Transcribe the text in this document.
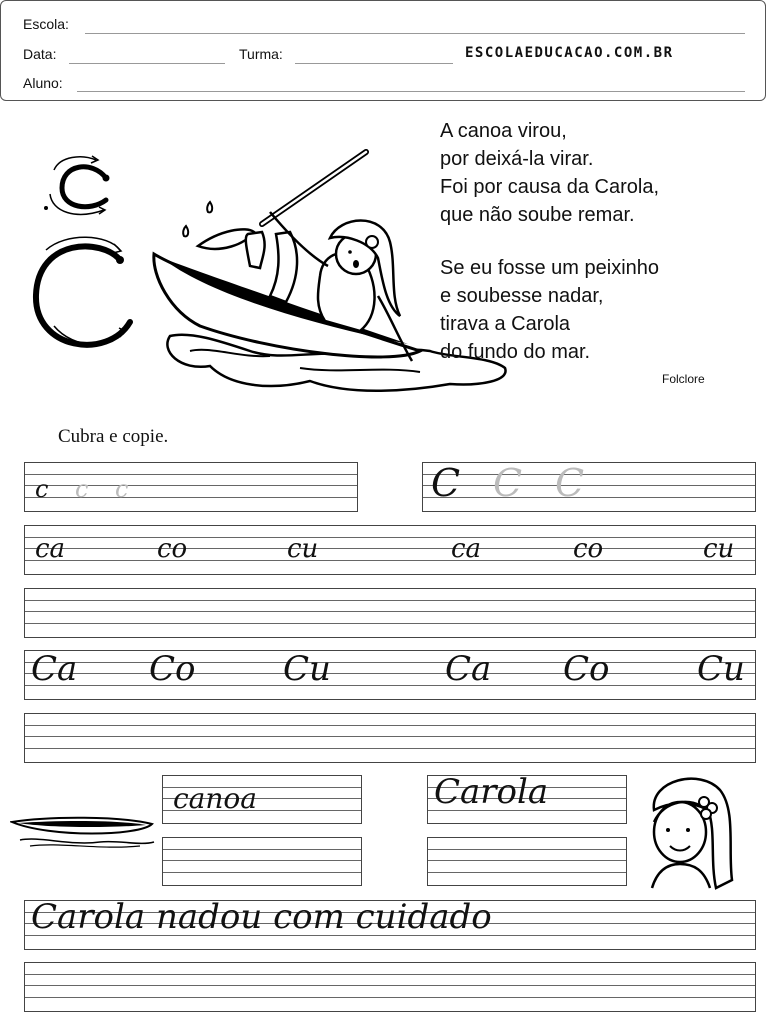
Escola:
Data:	Turma:	ESCOLAEDUCACAO.COM.BR
Aluno:
A canoa virou,
por deixá-la virar.
Foi por causa da Carola,
que não soube remar.
Se eu fosse um peixinho
e soubesse nadar,
tirava a Carola
do fundo do mar.
Folclore
Cubra e copie.
c c c	C C C
ca	co	cu	ca	co	cu
Ca Co	Cu	Ca Co	Cu
canoa	Carola
Carola nadou com cuidado
